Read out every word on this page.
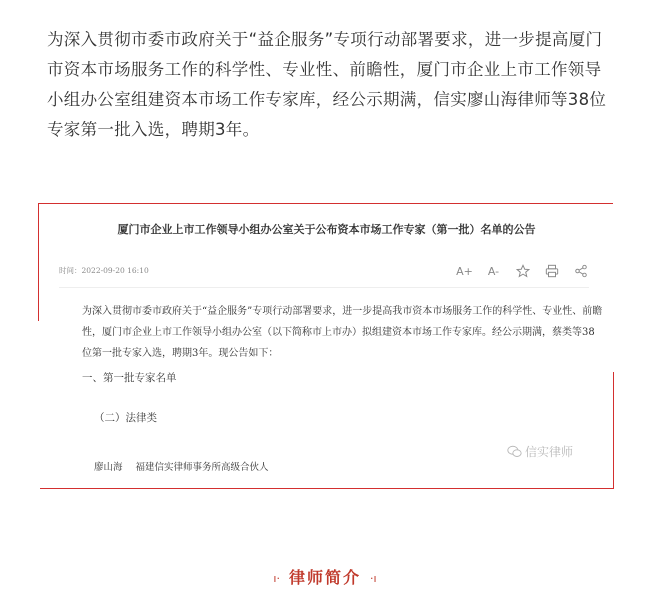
为深入贯彻市委市政府关于“益企服务”专项行动部署要求，进一步提高厦门市资本市场服务工作的科学性、专业性、前瞻性，厦门市企业上市工作领导小组办公室组建资本市场工作专家库，经公示期满，信实廖山海律师等38位专家第一批入选，聘期3年。

厦门市企业上市工作领导小组办公室关于公布资本市场工作专家（第一批）名单的公告
时间：2022-09-20 16:10	A+ A-

为深入贯彻市委市政府关于“益企服务”专项行动部署要求，进一步提高我市资本市场服务工作的科学性、专业性、前瞻性，厦门市企业上市工作领导小组办公室（以下简称市上市办）拟组建资本市场工作专家库。经公示期满，蔡类等38位第一批专家入选，聘期3年。现公告如下：

一、第一批专家名单
（二）法律类
廖山海 福建信实律师事务所高级合伙人
信实律师
ı· 律师简介 ·ı
